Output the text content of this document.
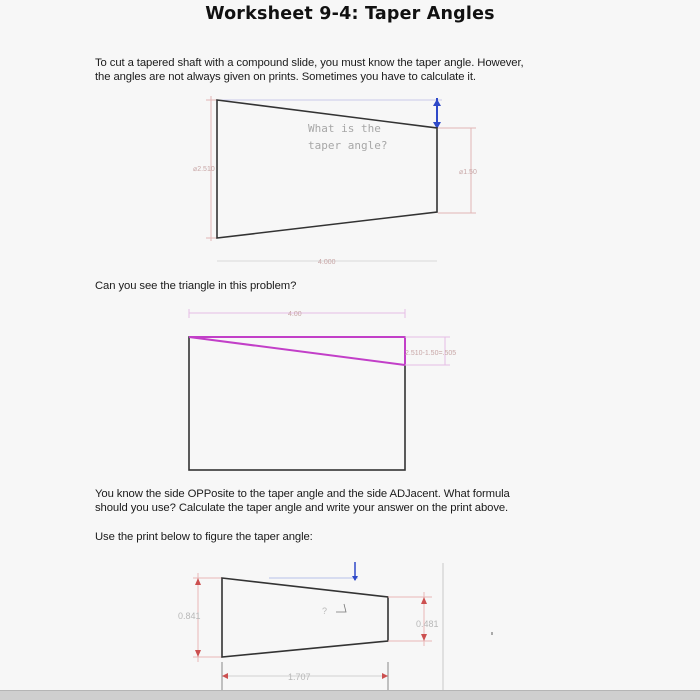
Worksheet 9-4: Taper Angles
To cut a tapered shaft with a compound slide, you must know the taper angle. However,
the angles are not always given on prints. Sometimes you have to calculate it.
Can you see the triangle in this problem?
You know the side OPPosite to the taper angle and the side ADJacent. What formula
should you use? Calculate the taper angle and write your answer on the print above.
Use the print below to figure the taper angle:
⌀2.510	⌀1.50
4.000
What is the
taper angle?
4.00
2.510-1.50=.505
0.841	?
0.481
1.707
